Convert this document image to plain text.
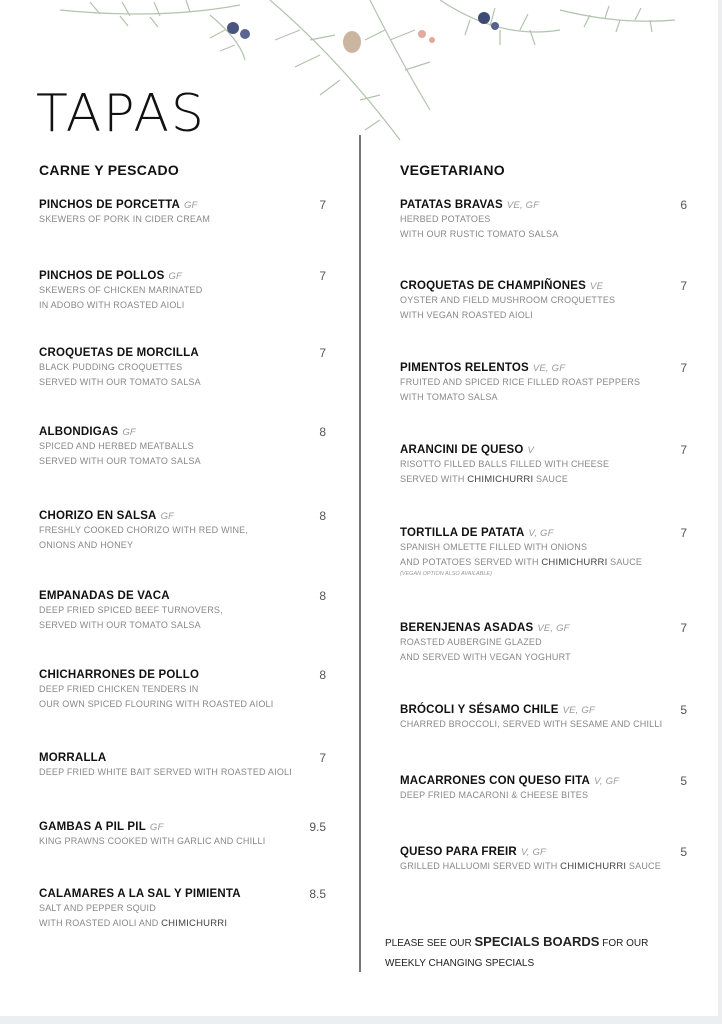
TAPAS
CARNE Y PESCADO	VEGETARIANO
PINCHOS DE PORCETTA GF	7
SKEWERS OF PORK IN CIDER CREAM
PINCHOS DE POLLOS GF	7
SKEWERS OF CHICKEN MARINATED
IN ADOBO WITH ROASTED AIOLI
CROQUETAS DE MORCILLA	7
BLACK PUDDING CROQUETTES
SERVED WITH OUR TOMATO SALSA
ALBONDIGAS GF	8
SPICED AND HERBED MEATBALLS
SERVED WITH OUR TOMATO SALSA
CHORIZO EN SALSA GF	8
FRESHLY COOKED CHORIZO WITH RED WINE,
ONIONS AND HONEY
EMPANADAS DE VACA	8
DEEP FRIED SPICED BEEF TURNOVERS,
SERVED WITH OUR TOMATO SALSA
CHICHARRONES DE POLLO	8
DEEP FRIED CHICKEN TENDERS IN
OUR OWN SPICED FLOURING WITH ROASTED AIOLI
MORRALLA	7
DEEP FRIED WHITE BAIT SERVED WITH ROASTED AIOLI
GAMBAS A PIL PIL GF	9.5
KING PRAWNS COOKED WITH GARLIC AND CHILLI
CALAMARES A LA SAL Y PIMIENTA	8.5
SALT AND PEPPER SQUID
WITH ROASTED AIOLI AND CHIMICHURRI
PATATAS BRAVAS VE, GF	6
HERBED POTATOES
WITH OUR RUSTIC TOMATO SALSA
CROQUETAS DE CHAMPIÑONES VE	7
OYSTER AND FIELD MUSHROOM CROQUETTES
WITH VEGAN ROASTED AIOLI
PIMENTOS RELENTOS VE, GF	7
FRUITED AND SPICED RICE FILLED ROAST PEPPERS
WITH TOMATO SALSA
ARANCINI DE QUESO V	7
RISOTTO FILLED BALLS FILLED WITH CHEESE
SERVED WITH CHIMICHURRI SAUCE
TORTILLA DE PATATA V, GF	7
SPANISH OMLETTE FILLED WITH ONIONS
AND POTATOES SERVED WITH CHIMICHURRI SAUCE
(VEGAN OPTION ALSO AVAILABLE)
BERENJENAS ASADAS VE, GF	7
ROASTED AUBERGINE GLAZED
AND SERVED WITH VEGAN YOGHURT
BRÓCOLI Y SÉSAMO CHILE VE, GF	5
CHARRED BROCCOLI, SERVED WITH SESAME AND CHILLI
MACARRONES CON QUESO FITA V, GF	5
DEEP FRIED MACARONI & CHEESE BITES
QUESO PARA FREIR V, GF	5
GRILLED HALLUOMI SERVED WITH CHIMICHURRI SAUCE
PLEASE SEE OUR SPECIALS BOARDS FOR OUR
WEEKLY CHANGING SPECIALS
